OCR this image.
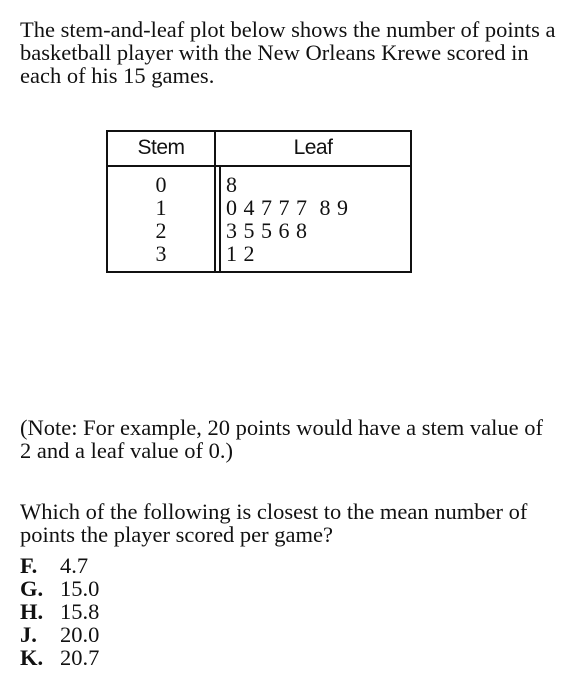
The stem-and-leaf plot below shows the number of points a basketball player with the New Orleans Krewe scored in each of his 15 games.

Stem	Leaf
0	8
1	0 4 7 7 7  8 9
2	3 5 5 6 8
3	1 2

(Note: For example, 20 points would have a stem value of 2 and a leaf value of 0.)

Which of the following is closest to the mean number of points the player scored per game?

F. 4.7
G. 15.0
H. 15.8
J. 20.0
K. 20.7
